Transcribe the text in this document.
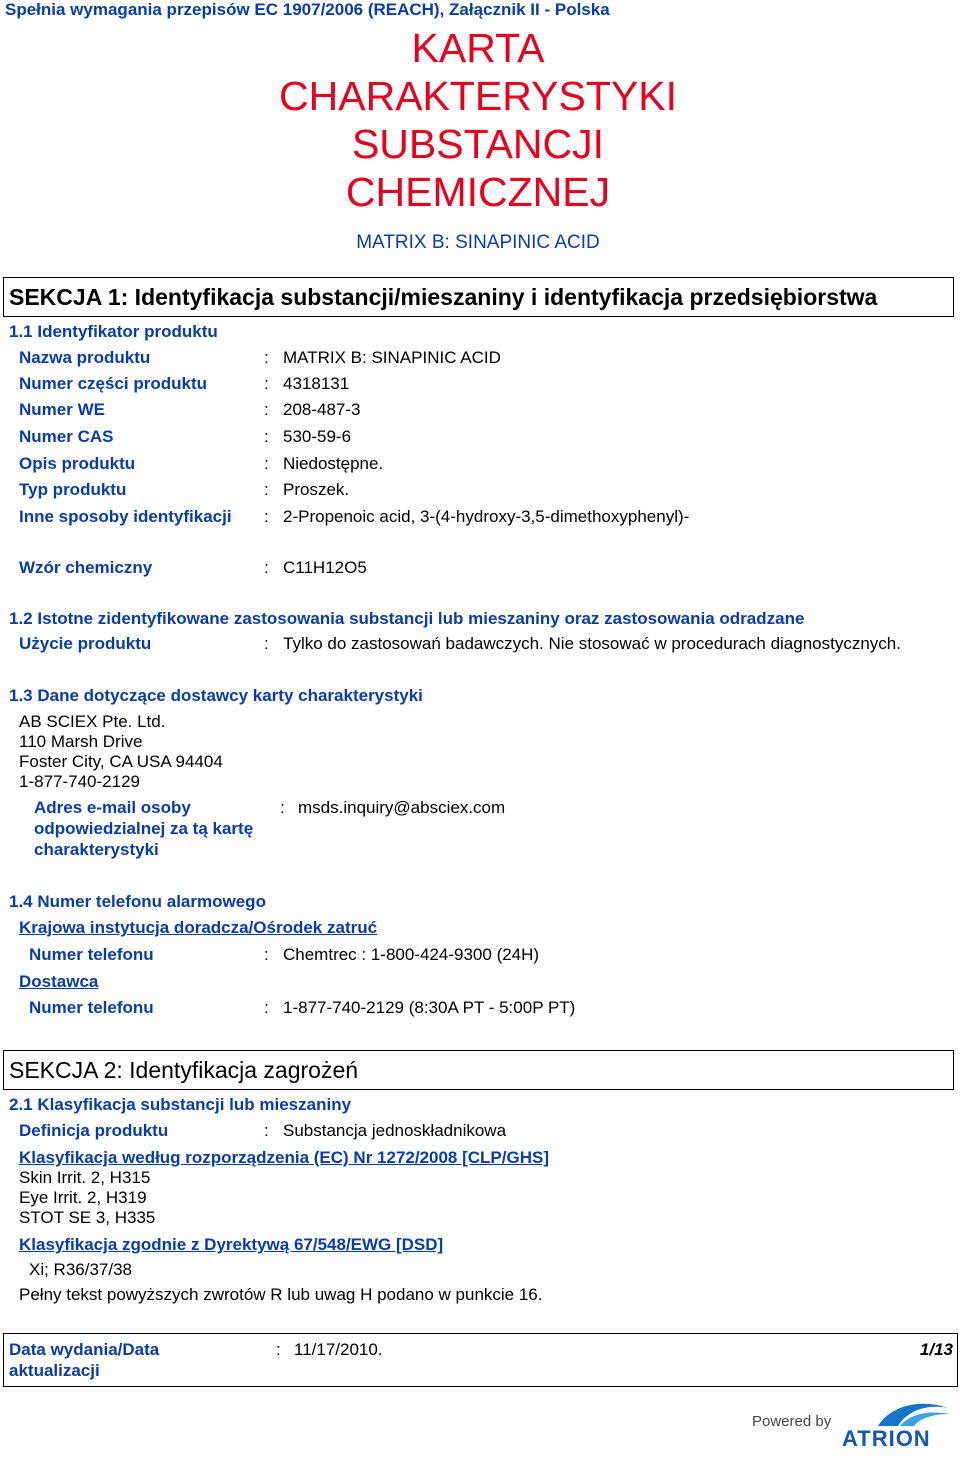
Spełnia wymagania przepisów EC 1907/2006 (REACH), Załącznik II - Polska
KARTA
CHARAKTERYSTYKI
SUBSTANCJI
CHEMICZNEJ
MATRIX B: SINAPINIC ACID
SEKCJA 1: Identyfikacja substancji/mieszaniny i identyfikacja przedsiębiorstwa
1.1 Identyfikator produktu
Nazwa produktu	: MATRIX B: SINAPINIC ACID
Numer części produktu	: 4318131
Numer WE	: 208-487-3
Numer CAS	: 530-59-6
Opis produktu	: Niedostępne.
Typ produktu	: Proszek.
Inne sposoby identyfikacji : 2-Propenoic acid, 3-(4-hydroxy-3,5-dimethoxyphenyl)-
Wzór chemiczny	: C11H12O5
1.2 Istotne zidentyfikowane zastosowania substancji lub mieszaniny oraz zastosowania odradzane
Użycie produktu	: Tylko do zastosowań badawczych. Nie stosować w procedurach diagnostycznych.
1.3 Dane dotyczące dostawcy karty charakterystyki
AB SCIEX Pte. Ltd.
110 Marsh Drive
Foster City, CA USA 94404
1-877-740-2129
Adres e-mail osoby
odpowiedzialnej za tą kartę
charakterystyki
: msds.inquiry@absciex.com
1.4 Numer telefonu alarmowego
Krajowa instytucja doradcza/Ośrodek zatruć
Numer telefonu	: Chemtrec : 1-800-424-9300 (24H)
Dostawca
Numer telefonu	: 1-877-740-2129 (8:30A PT - 5:00P PT)
SEKCJA 2: Identyfikacja zagrożeń
2.1 Klasyfikacja substancji lub mieszaniny
Definicja produktu	: Substancja jednoskładnikowa
Klasyfikacja według rozporządzenia (EC) Nr 1272/2008 [CLP/GHS]
Skin Irrit. 2, H315
Eye Irrit. 2, H319
STOT SE 3, H335
Klasyfikacja zgodnie z Dyrektywą 67/548/EWG [DSD]
Xi; R36/37/38
Pełny tekst powyższych zwrotów R lub uwag H podano w punkcie 16.
Data wydania/Data
aktualizacji
: 11/17/2010.	1/13
Powered by
ATRION
